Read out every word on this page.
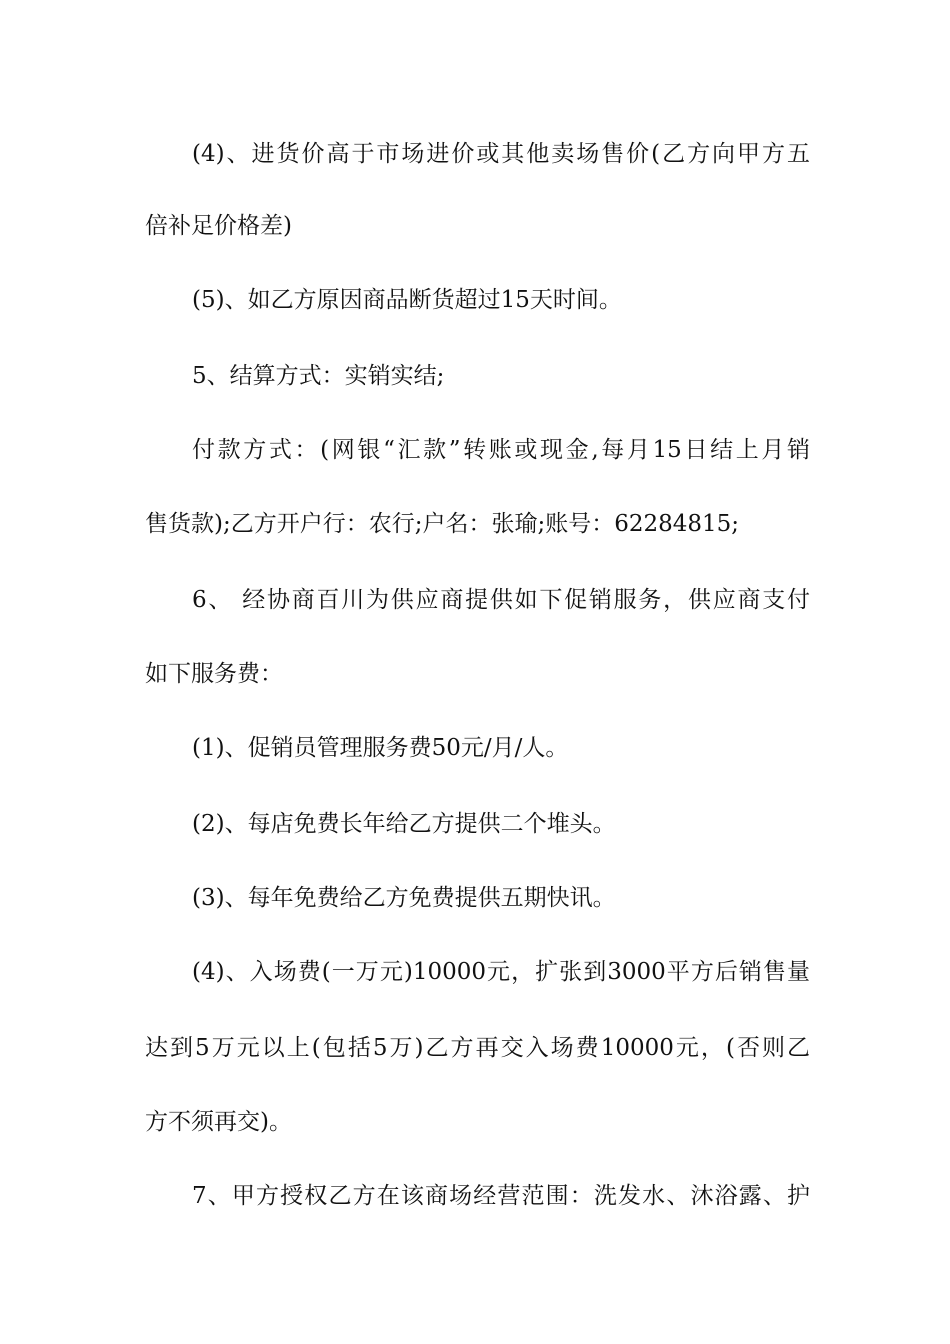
(4)、进货价高于市场进价或其他卖场售价(乙方向甲方五
倍补足价格差)
(5)、如乙方原因商品断货超过15天时间。
5、结算方式：实销实结;
付款方式：(网银“汇款”转账或现金,每月15日结上月销
售货款);乙方开户行：农行;户名：张瑜;账号：62284815;
6、 经协商百川为供应商提供如下促销服务，供应商支付
如下服务费：
(1)、促销员管理服务费50元/月/人。
(2)、每店免费长年给乙方提供二个堆头。
(3)、每年免费给乙方免费提供五期快讯。
(4)、入场费(一万元)10000元，扩张到3000平方后销售量
达到5万元以上(包括5万)乙方再交入场费10000元，(否则乙
方不须再交)。
7、甲方授权乙方在该商场经营范围：洗发水、沐浴露、护
